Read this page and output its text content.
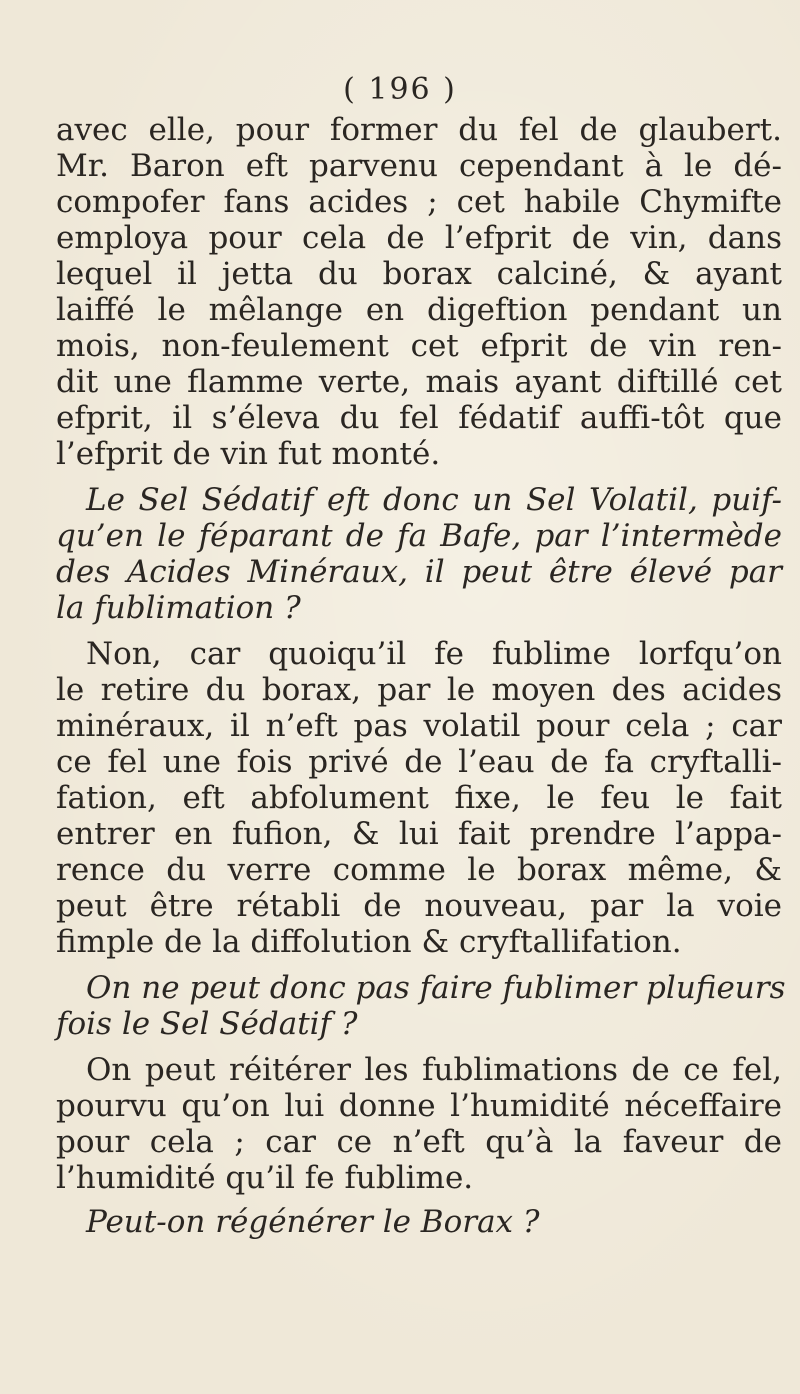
( 196 )
avec elle, pour former du fel de glaubert.
Mr. Baron eft parvenu cependant à le dé-
compofer fans acides ; cet habile Chymifte
employa pour cela de l’efprit de vin, dans
lequel il jetta du borax calciné, & ayant
laiffé le mêlange en digeftion pendant un
mois, non-feulement cet efprit de vin ren-
dit une flamme verte, mais ayant diftillé cet
efprit, il s’éleva du fel fédatif auffi-tôt que
l’efprit de vin fut monté.
Le Sel Sédatif eft donc un Sel Volatil, puif-
qu’en le féparant de fa Bafe, par l’intermède
des Acides Minéraux, il peut être élevé par
la fublimation ?
Non, car quoiqu’il fe fublime lorfqu’on
le retire du borax, par le moyen des acides
minéraux, il n’eft pas volatil pour cela ; car
ce fel une fois privé de l’eau de fa cryftalli-
fation, eft abfolument fixe, le feu le fait
entrer en fufion, & lui fait prendre l’appa-
rence du verre comme le borax même, &
peut être rétabli de nouveau, par la voie
fimple de la diffolution & cryftallifation.
On ne peut donc pas faire fublimer plufieurs
fois le Sel Sédatif ?
On peut réitérer les fublimations de ce fel,
pourvu qu’on lui donne l’humidité néceffaire
pour cela ; car ce n’eft qu’à la faveur de
l’humidité qu’il fe fublime.
Peut-on régénérer le Borax ?
